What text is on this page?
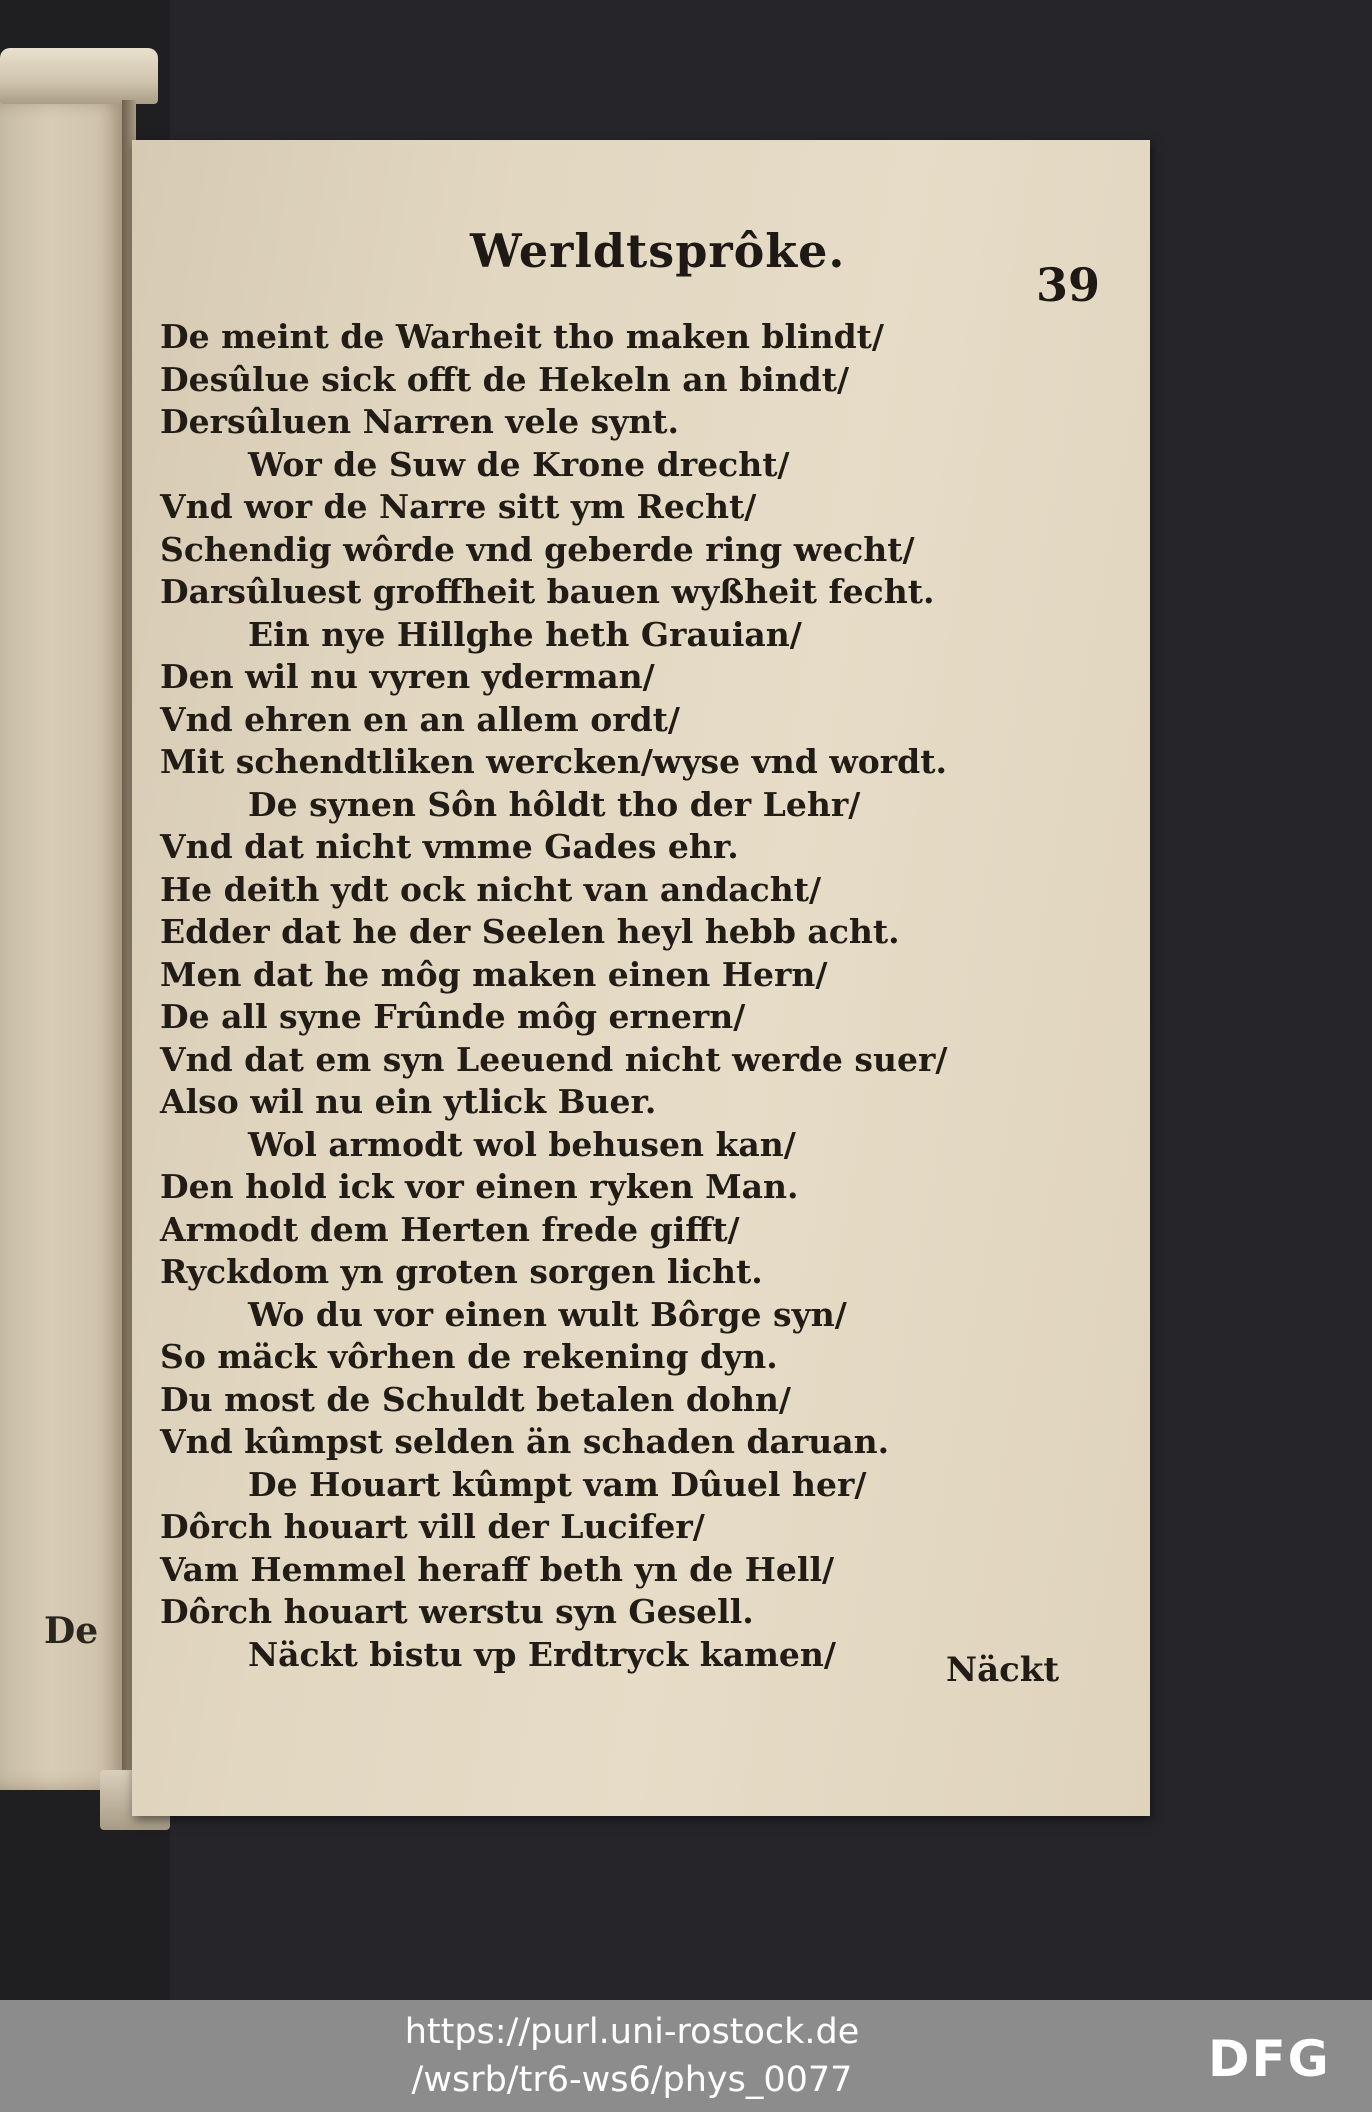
De
Werldtsprôke.
39
De meint de Warheit tho maken blindt/
Desûlue sick offt de Hekeln an bindt/
Dersûluen Narren vele synt.
Wor de Suw de Krone drecht/
Vnd wor de Narre sitt ym Recht/
Schendig wôrde vnd geberde ring wecht/
Darsûluest groffheit bauen wyßheit fecht.
Ein nye Hillghe heth Grauian/
Den wil nu vyren yderman/
Vnd ehren en an allem ordt/
Mit schendtliken wercken/wyse vnd wordt.
De synen Sôn hôldt tho der Lehr/
Vnd dat nicht vmme Gades ehr.
He deith ydt ock nicht van andacht/
Edder dat he der Seelen heyl hebb acht.
Men dat he môg maken einen Hern/
De all syne Frûnde môg ernern/
Vnd dat em syn Leeuend nicht werde suer/
Also wil nu ein ytlick Buer.
Wol armodt wol behusen kan/
Den hold ick vor einen ryken Man.
Armodt dem Herten frede gifft/
Ryckdom yn groten sorgen licht.
Wo du vor einen wult Bôrge syn/
So mäck vôrhen de rekening dyn.
Du most de Schuldt betalen dohn/
Vnd kûmpst selden än schaden daruan.
De Houart kûmpt vam Dûuel her/
Dôrch houart vill der Lucifer/
Vam Hemmel heraff beth yn de Hell/
Dôrch houart werstu syn Gesell.
Näckt bistu vp Erdtryck kamen/	Näckt
https://purl.uni-rostock.de
/wsrb/tr6-ws6/phys_0077	DFG
